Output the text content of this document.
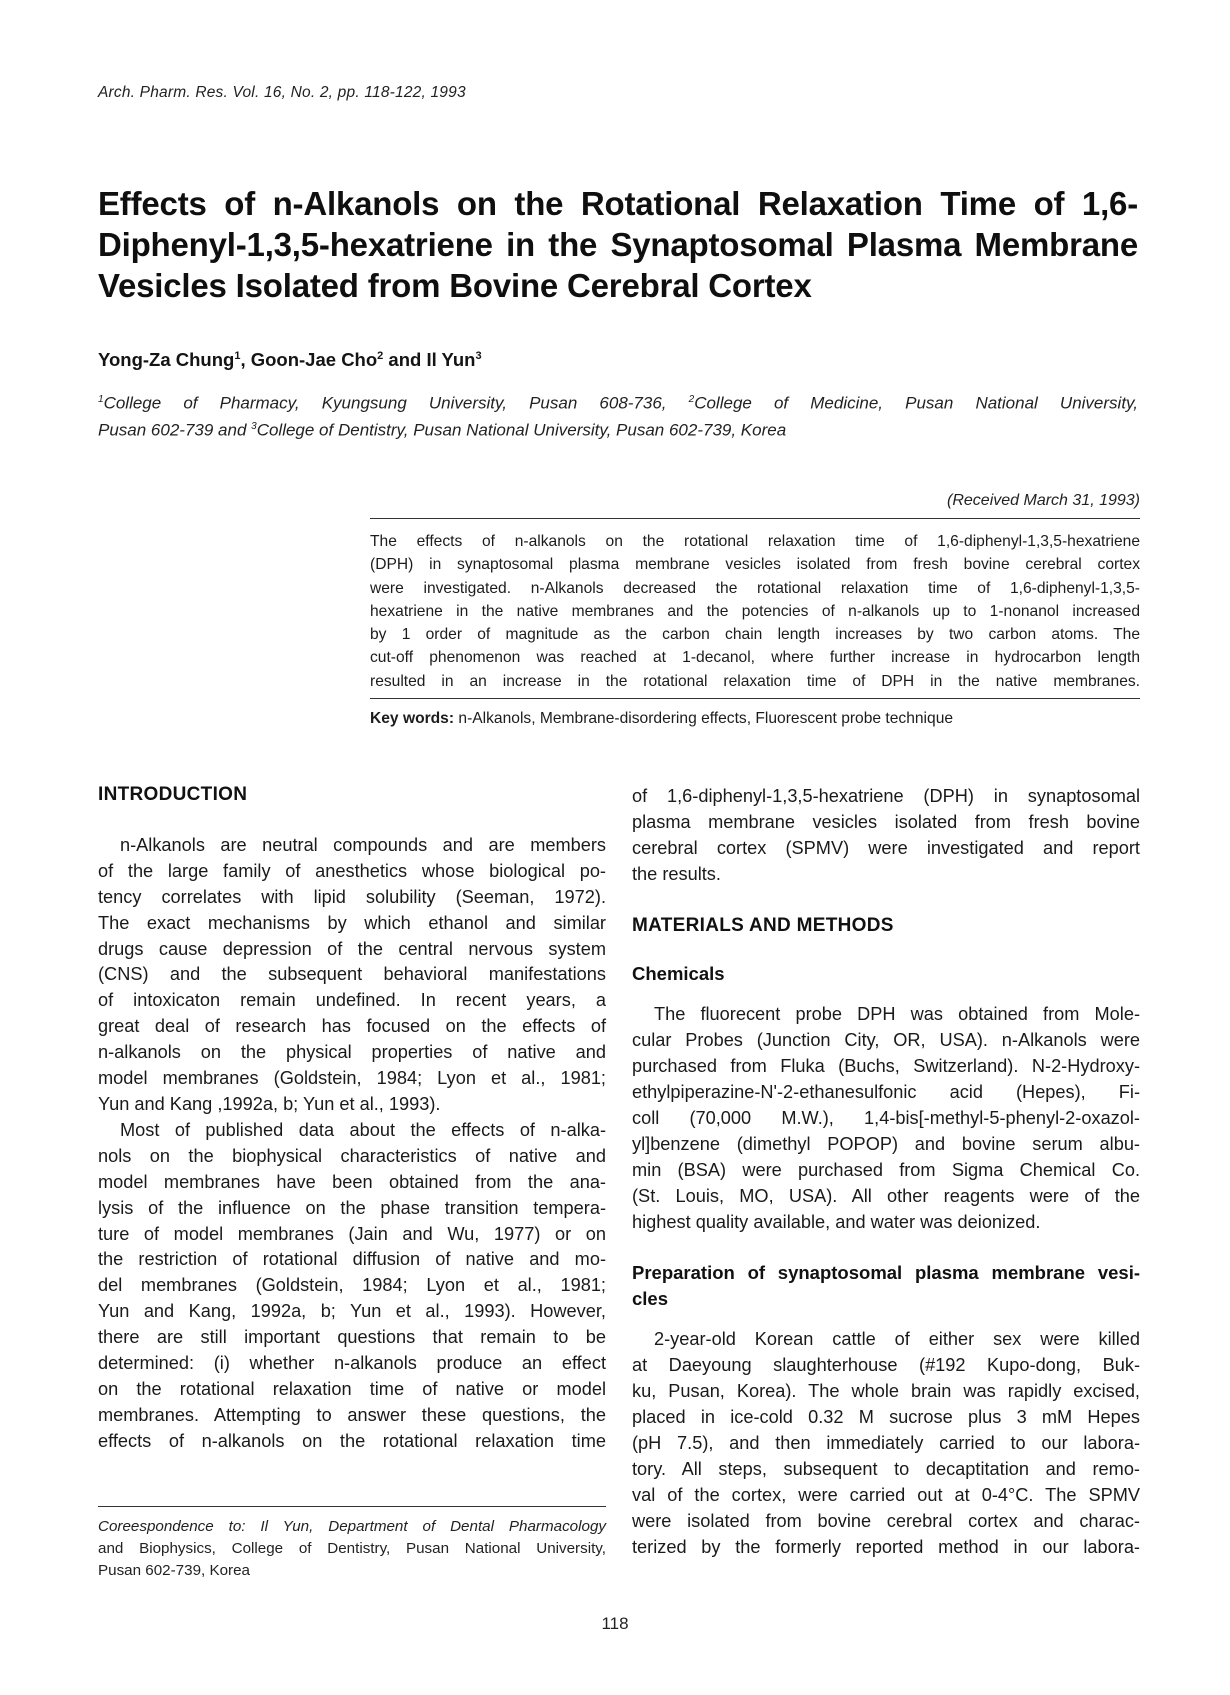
Arch. Pharm. Res. Vol. 16, No. 2, pp. 118-122, 1993
Effects of n-Alkanols on the Rotational Relaxation Time of 1,6-
Diphenyl-1,3,5-hexatriene in the Synaptosomal Plasma Membrane
Vesicles Isolated from Bovine Cerebral Cortex
Yong-Za Chung$^1$, Goon-Jae Cho$^2$ and Il Yun$^3$
$^1$College of Pharmacy, Kyungsung University, Pusan 608-736, $^2$College of Medicine, Pusan National University,
Pusan 602-739 and $^3$College of Dentistry, Pusan National University, Pusan 602-739, Korea
(Received March 31, 1993)
The effects of n-alkanols on the rotational relaxation time of 1,6-diphenyl-1,3,5-hexatriene
(DPH) in synaptosomal plasma membrane vesicles isolated from fresh bovine cerebral cortex
were investigated. n-Alkanols decreased the rotational relaxation time of 1,6-diphenyl-1,3,5-
hexatriene in the native membranes and the potencies of n-alkanols up to 1-nonanol increased
by 1 order of magnitude as the carbon chain length increases by two carbon atoms. The
cut-off phenomenon was reached at 1-decanol, where further increase in hydrocarbon length
resulted in an increase in the rotational relaxation time of DPH in the native membranes.
Key words: n-Alkanols, Membrane-disordering effects, Fluorescent probe technique
INTRODUCTION
n-Alkanols are neutral compounds and are members
of the large family of anesthetics whose biological po-
tency correlates with lipid solubility (Seeman, 1972).
The exact mechanisms by which ethanol and similar
drugs cause depression of the central nervous system
(CNS) and the subsequent behavioral manifestations
of intoxicaton remain undefined. In recent years, a
great deal of research has focused on the effects of
n-alkanols on the physical properties of native and
model membranes (Goldstein, 1984; Lyon et al., 1981;
Yun and Kang ,1992a, b; Yun et al., 1993).
Most of published data about the effects of n-alka-
nols on the biophysical characteristics of native and
model membranes have been obtained from the ana-
lysis of the influence on the phase transition tempera-
ture of model membranes (Jain and Wu, 1977) or on
the restriction of rotational diffusion of native and mo-
del membranes (Goldstein, 1984; Lyon et al., 1981;
Yun and Kang, 1992a, b; Yun et al., 1993). However,
there are still important questions that remain to be
determined: (i) whether n-alkanols produce an effect
on the rotational relaxation time of native or model
membranes. Attempting to answer these questions, the
effects of n-alkanols on the rotational relaxation time
Coreespondence to: Il Yun, Department of Dental Pharmacology
and Biophysics, College of Dentistry, Pusan National University,
Pusan 602-739, Korea
of 1,6-diphenyl-1,3,5-hexatriene (DPH) in synaptosomal
plasma membrane vesicles isolated from fresh bovine
cerebral cortex (SPMV) were investigated and report
the results.
MATERIALS AND METHODS
Chemicals
The fluorecent probe DPH was obtained from Mole-
cular Probes (Junction City, OR, USA). n-Alkanols were
purchased from Fluka (Buchs, Switzerland). N-2-Hydroxy-
ethylpiperazine-N'-2-ethanesulfonic acid (Hepes), Fi-
coll (70,000 M.W.), 1,4-bis[-methyl-5-phenyl-2-oxazol-
yl]benzene (dimethyl POPOP) and bovine serum albu-
min (BSA) were purchased from Sigma Chemical Co.
(St. Louis, MO, USA). All other reagents were of the
highest quality available, and water was deionized.
Preparation of synaptosomal plasma membrane vesi-
cles
2-year-old Korean cattle of either sex were killed
at Daeyoung slaughterhouse (#192 Kupo-dong, Buk-
ku, Pusan, Korea). The whole brain was rapidly excised,
placed in ice-cold 0.32 M sucrose plus 3 mM Hepes
(pH 7.5), and then immediately carried to our labora-
tory. All steps, subsequent to decaptitation and remo-
val of the cortex, were carried out at 0-4°C. The SPMV
were isolated from bovine cerebral cortex and charac-
terized by the formerly reported method in our labora-
118
